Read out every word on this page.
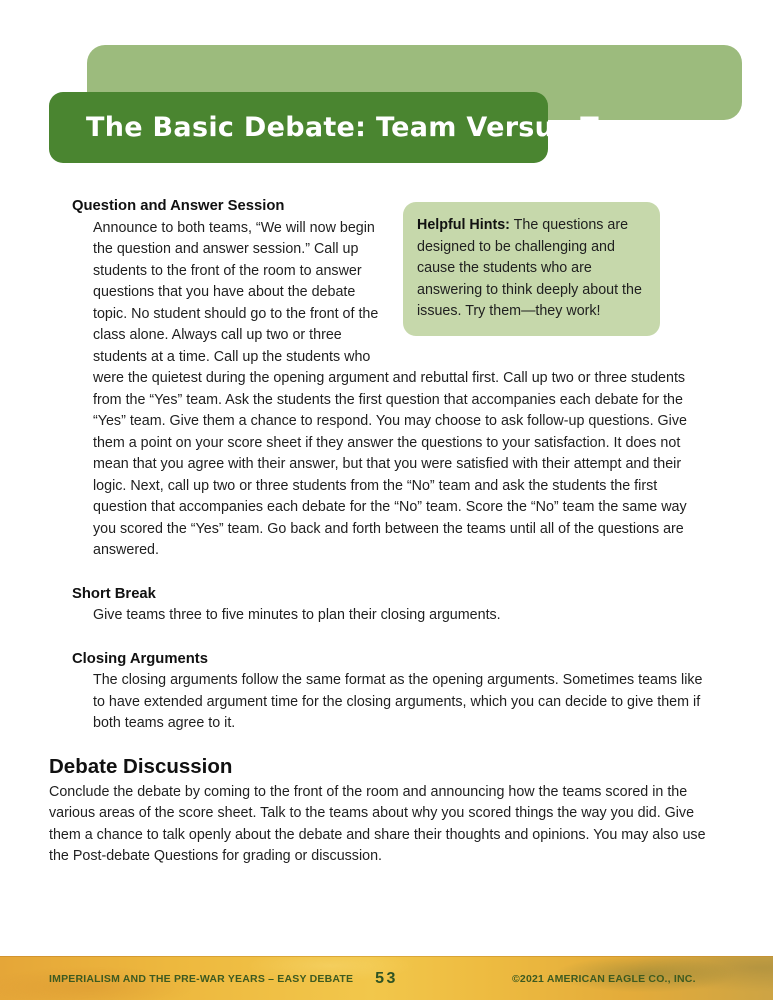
The Basic Debate: Team Versus Team
Helpful Hints: The questions are designed to be challenging and cause the students who are answering to think deeply about the issues. Try them—they work!
Question and Answer Session

Announce to both teams, “We will now begin the question and answer session.” Call up students to the front of the room to answer questions that you have about the debate topic. No student should go to the front of the class alone. Always call up two or three students at a time. Call up the students who were the quietest during the opening argument and rebuttal first. Call up two or three students from the “Yes” team. Ask the students the first question that accompanies each debate for the “Yes” team. Give them a chance to respond. You may choose to ask follow-up questions. Give them a point on your score sheet if they answer the questions to your satisfaction. It does not mean that you agree with their answer, but that you were satisfied with their attempt and their logic. Next, call up two or three students from the “No” team and ask the students the first question that accompanies each debate for the “No” team. Score the “No” team the same way you scored the “Yes” team. Go back and forth between the teams until all of the questions are answered.

Short Break

Give teams three to five minutes to plan their closing arguments.

Closing Arguments

The closing arguments follow the same format as the opening arguments. Sometimes teams like to have extended argument time for the closing arguments, which you can decide to give them if both teams agree to it.

Debate Discussion

Conclude the debate by coming to the front of the room and announcing how the teams scored in the various areas of the score sheet. Talk to the teams about why you scored things the way you did. Give them a chance to talk openly about the debate and share their thoughts and opinions. You may also use the Post-debate Questions for grading or discussion.

IMPERIALISM AND THE PRE-WAR YEARS – EASY DEBATE 53	©2021 AMERICAN EAGLE CO., INC.
